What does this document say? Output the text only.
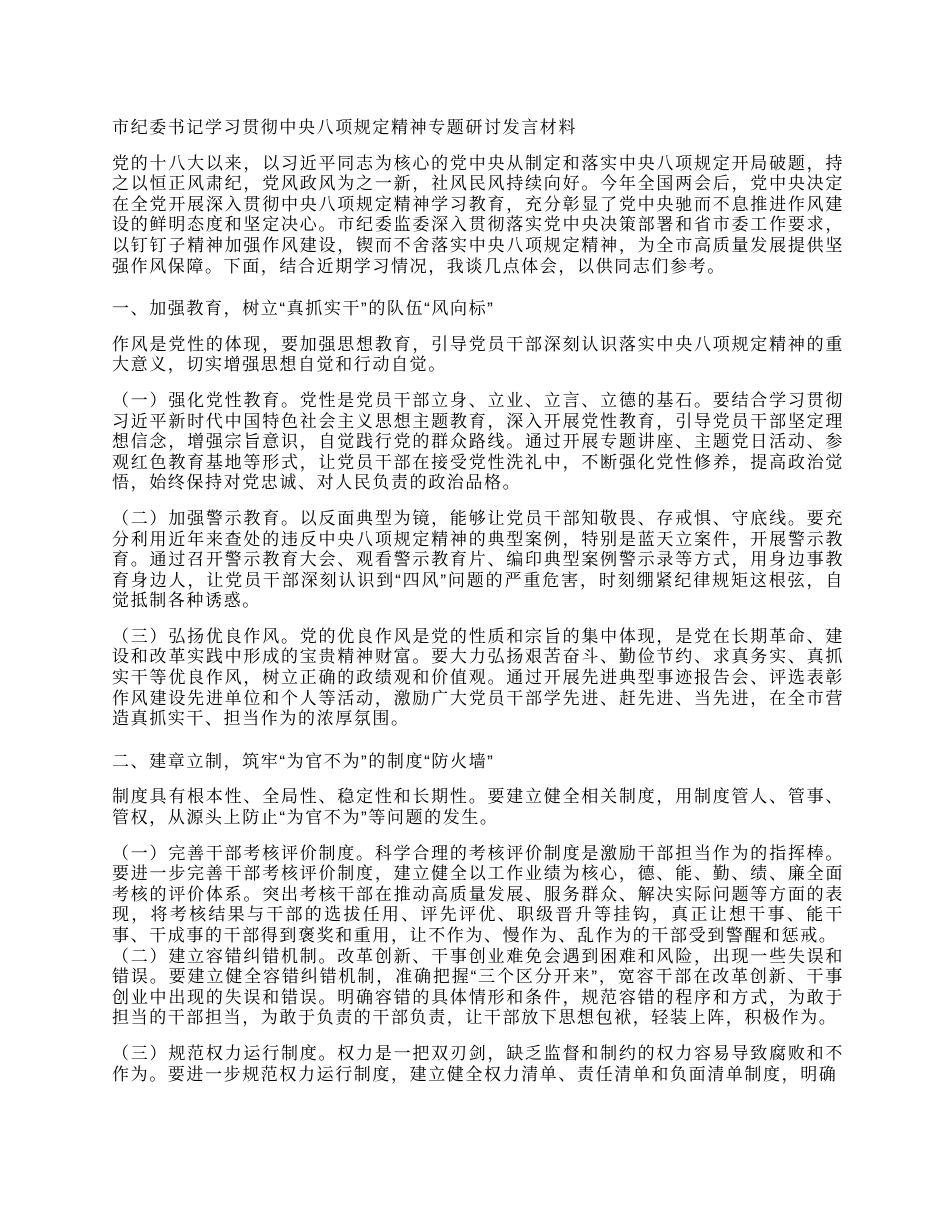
市纪委书记学习贯彻中央八项规定精神专题研讨发言材料

党的十八大以来，以习近平同志为核心的党中央从制定和落实中央八项规定开局破题，持之以恒正风肃纪，党风政风为之一新，社风民风持续向好。今年全国两会后，党中央决定在全党开展深入贯彻中央八项规定精神学习教育，充分彰显了党中央驰而不息推进作风建设的鲜明态度和坚定决心。市纪委监委深入贯彻落实党中央决策部署和省市委工作要求，以钉钉子精神加强作风建设，锲而不舍落实中央八项规定精神，为全市高质量发展提供坚强作风保障。下面，结合近期学习情况，我谈几点体会，以供同志们参考。

一、加强教育，树立“真抓实干”的队伍“风向标”

作风是党性的体现，要加强思想教育，引导党员干部深刻认识落实中央八项规定精神的重大意义，切实增强思想自觉和行动自觉。

（一）强化党性教育。党性是党员干部立身、立业、立言、立德的基石。要结合学习贯彻习近平新时代中国特色社会主义思想主题教育，深入开展党性教育，引导党员干部坚定理想信念，增强宗旨意识，自觉践行党的群众路线。通过开展专题讲座、主题党日活动、参观红色教育基地等形式，让党员干部在接受党性洗礼中，不断强化党性修养，提高政治觉悟，始终保持对党忠诚、对人民负责的政治品格。

（二）加强警示教育。以反面典型为镜，能够让党员干部知敬畏、存戒惧、守底线。要充分利用近年来查处的违反中央八项规定精神的典型案例，特别是蓝天立案件，开展警示教育。通过召开警示教育大会、观看警示教育片、编印典型案例警示录等方式，用身边事教育身边人，让党员干部深刻认识到“四风”问题的严重危害，时刻绷紧纪律规矩这根弦，自觉抵制各种诱惑。

（三）弘扬优良作风。党的优良作风是党的性质和宗旨的集中体现，是党在长期革命、建设和改革实践中形成的宝贵精神财富。要大力弘扬艰苦奋斗、勤俭节约、求真务实、真抓实干等优良作风，树立正确的政绩观和价值观。通过开展先进典型事迹报告会、评选表彰作风建设先进单位和个人等活动，激励广大党员干部学先进、赶先进、当先进，在全市营造真抓实干、担当作为的浓厚氛围。

二、建章立制，筑牢“为官不为”的制度“防火墙”

制度具有根本性、全局性、稳定性和长期性。要建立健全相关制度，用制度管人、管事、管权，从源头上防止“为官不为”等问题的发生。

（一）完善干部考核评价制度。科学合理的考核评价制度是激励干部担当作为的指挥棒。要进一步完善干部考核评价制度，建立健全以工作业绩为核心，德、能、勤、绩、廉全面考核的评价体系。突出考核干部在推动高质量发展、服务群众、解决实际问题等方面的表现，将考核结果与干部的选拔任用、评先评优、职级晋升等挂钩，真正让想干事、能干事、干成事的干部得到褒奖和重用，让不作为、慢作为、乱作为的干部受到警醒和惩戒。

（二）建立容错纠错机制。改革创新、干事创业难免会遇到困难和风险，出现一些失误和错误。要建立健全容错纠错机制，准确把握“三个区分开来”，宽容干部在改革创新、干事创业中出现的失误和错误。明确容错的具体情形和条件，规范容错的程序和方式，为敢于担当的干部担当，为敢于负责的干部负责，让干部放下思想包袱，轻装上阵，积极作为。

（三）规范权力运行制度。权力是一把双刃剑，缺乏监督和制约的权力容易导致腐败和不作为。要进一步规范权力运行制度，建立健全权力清单、责任清单和负面清单制度，明确
